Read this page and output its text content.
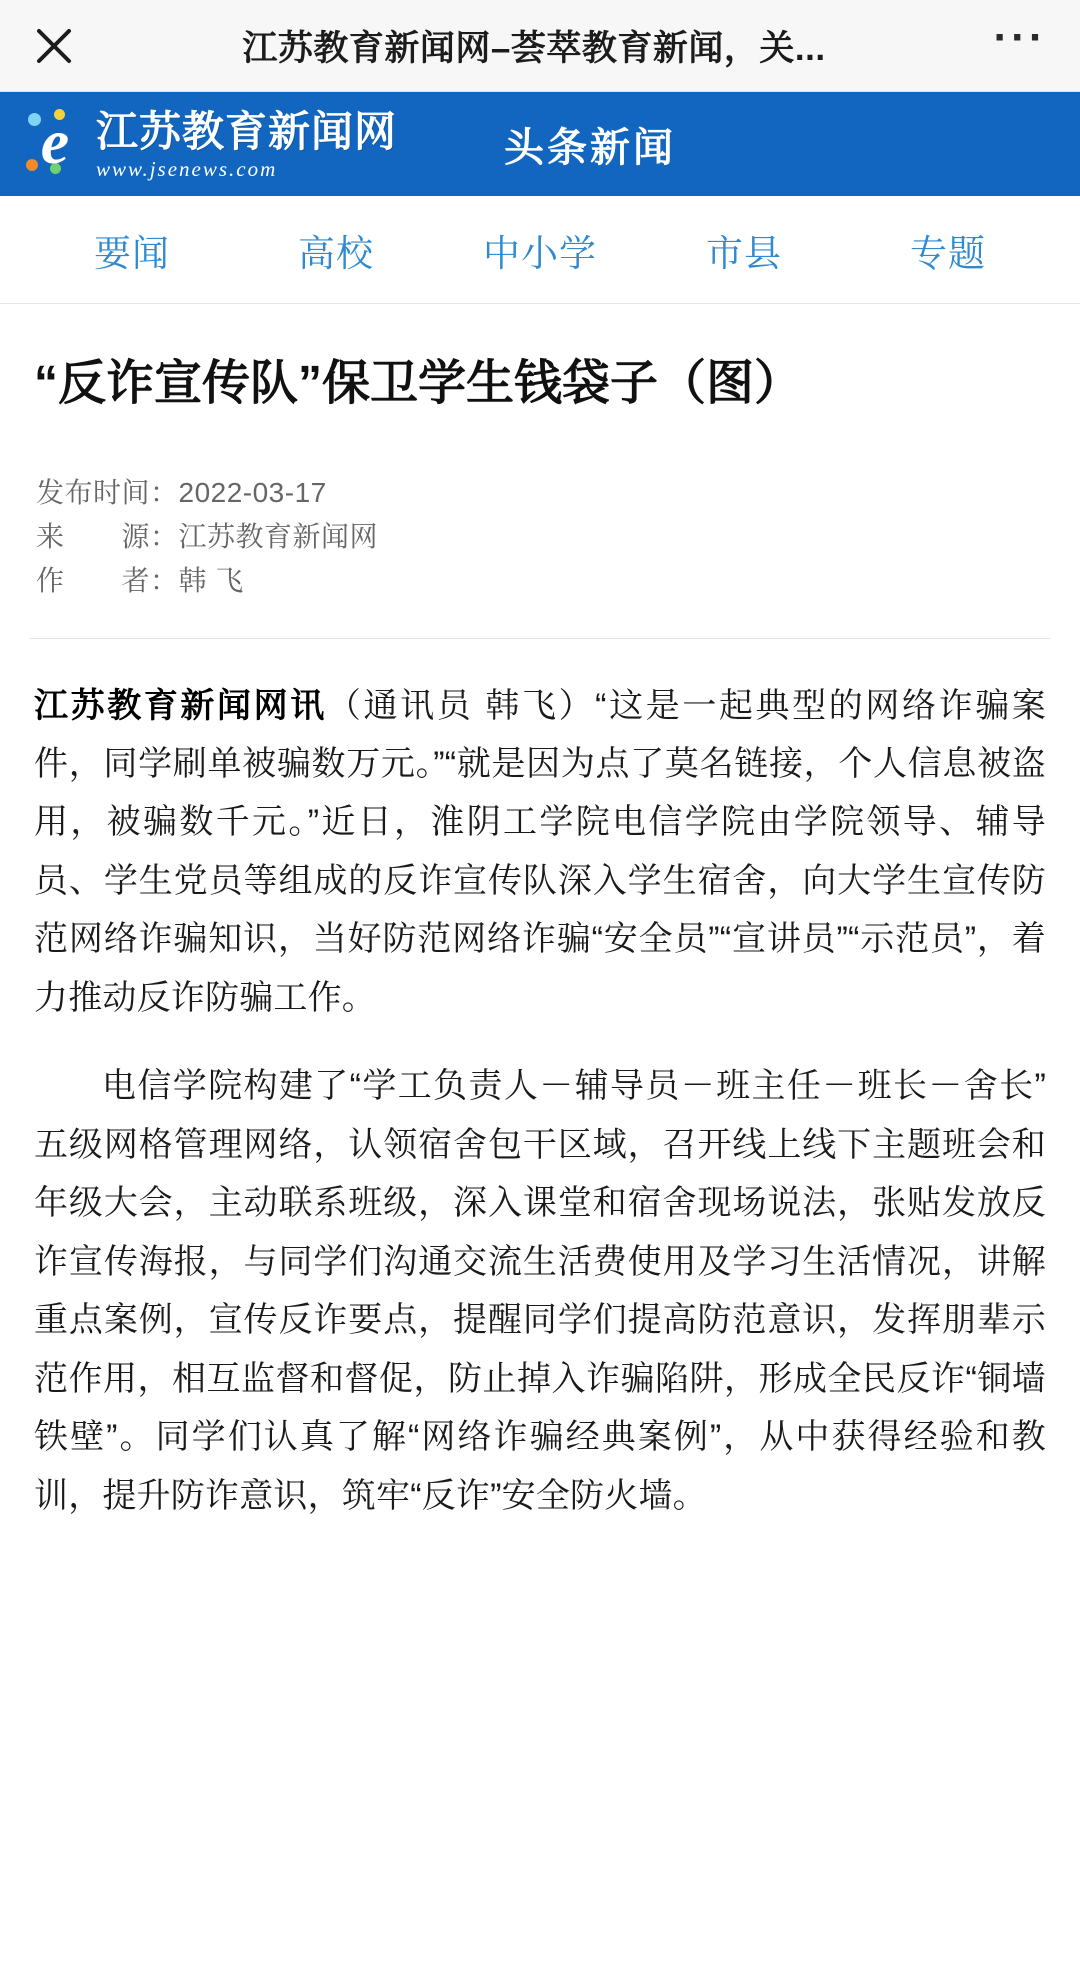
江苏教育新闻网–荟萃教育新闻，关...	···
e 江苏教育新闻网
www.jsenews.com	头条新闻
要闻	高校	中小学	市县	专题
“反诈宣传队”保卫学生钱袋子（图）
发布时间：2022-03-17
来　　源：江苏教育新闻网
作　　者：韩 飞

江苏教育新闻网讯（通讯员 韩飞）“这是一起典型的网络诈骗案件，同学刷单被骗数万元。”“就是因为点了莫名链接，个人信息被盗用，被骗数千元。”近日，淮阴工学院电信学院由学院领导、辅导员、学生党员等组成的反诈宣传队深入学生宿舍，向大学生宣传防范网络诈骗知识，当好防范网络诈骗“安全员”“宣讲员”“示范员”，着力推动反诈防骗工作。

电信学院构建了“学工负责人－辅导员－班主任－班长－舍长”五级网格管理网络，认领宿舍包干区域，召开线上线下主题班会和年级大会，主动联系班级，深入课堂和宿舍现场说法，张贴发放反诈宣传海报，与同学们沟通交流生活费使用及学习生活情况，讲解重点案例，宣传反诈要点，提醒同学们提高防范意识，发挥朋辈示范作用，相互监督和督促，防止掉入诈骗陷阱，形成全民反诈“铜墙铁壁”。同学们认真了解“网络诈骗经典案例”，从中获得经验和教训，提升防诈意识，筑牢“反诈”安全防火墙。
